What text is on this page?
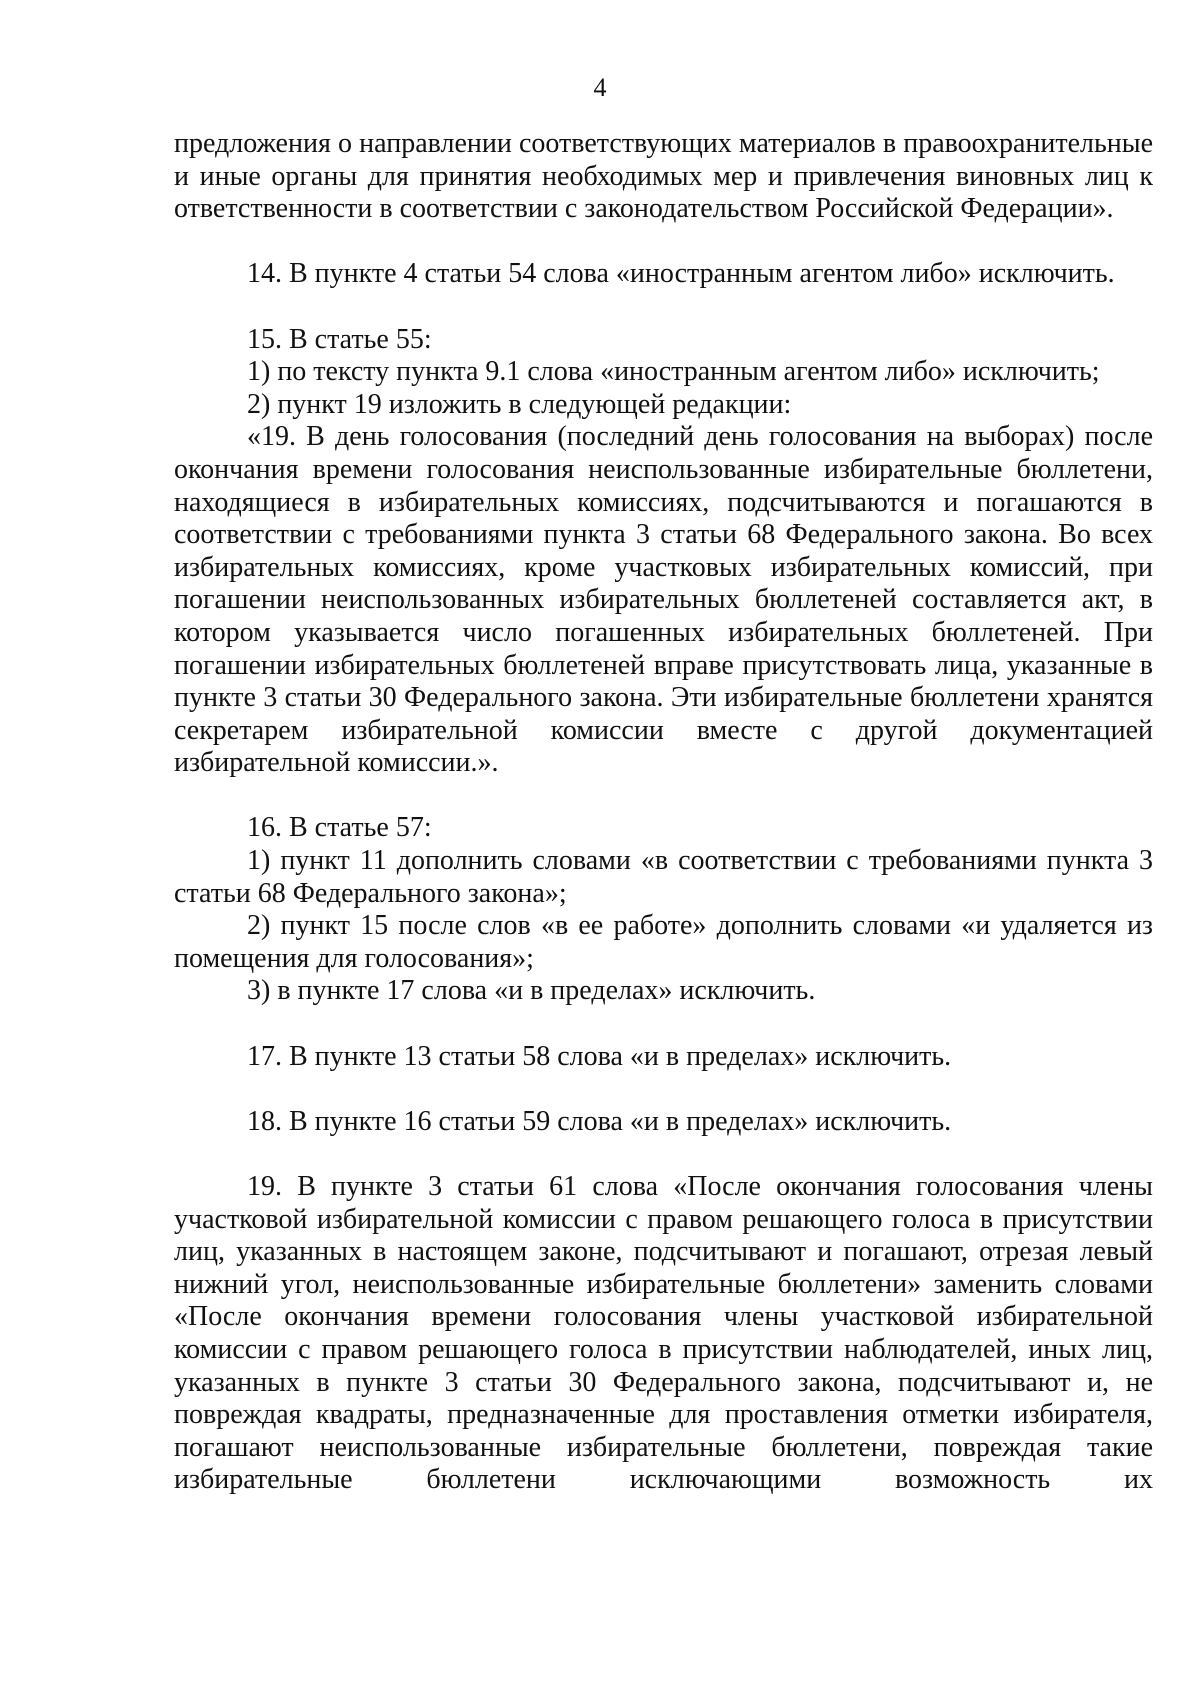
4

предложения о направлении соответствующих материалов в правоохранительные и иные органы для принятия необходимых мер и привлечения виновных лиц к ответственности в соответствии с законодательством Российской Федерации».

14. В пункте 4 статьи 54 слова «иностранным агентом либо» исключить.

15. В статье 55:

1) по тексту пункта 9.1 слова «иностранным агентом либо» исключить;

2) пункт 19 изложить в следующей редакции:

«19. В день голосования (последний день голосования на выборах) после окончания времени голосования неиспользованные избирательные бюллетени, находящиеся в избирательных комиссиях, подсчитываются и погашаются в соответствии с требованиями пункта 3 статьи 68 Федерального закона. Во всех избирательных комиссиях, кроме участковых избирательных комиссий, при погашении неиспользованных избирательных бюллетеней составляется акт, в котором указывается число погашенных избирательных бюллетеней. При погашении избирательных бюллетеней вправе присутствовать лица, указанные в пункте 3 статьи 30 Федерального закона. Эти избирательные бюллетени хранятся секретарем избирательной комиссии вместе с другой документацией избирательной комиссии.».

16. В статье 57:

1) пункт 11 дополнить словами «в соответствии с требованиями пункта 3 статьи 68 Федерального закона»;

2) пункт 15 после слов «в ее работе» дополнить словами «и удаляется из помещения для голосования»;

3) в пункте 17 слова «и в пределах» исключить.

17. В пункте 13 статьи 58 слова «и в пределах» исключить.

18. В пункте 16 статьи 59 слова «и в пределах» исключить.

19. В пункте 3 статьи 61 слова «После окончания голосования члены участковой избирательной комиссии с правом решающего голоса в присутствии лиц, указанных в настоящем законе, подсчитывают и погашают, отрезая левый нижний угол, неиспользованные избирательные бюллетени» заменить словами «После окончания времени голосования члены участковой избирательной комиссии с правом решающего голоса в присутствии наблюдателей, иных лиц, указанных в пункте 3 статьи 30 Федерального закона, подсчитывают и, не повреждая квадраты, предназначенные для проставления отметки избирателя, погашают неиспользованные избирательные бюллетени, повреждая такие избирательные бюллетени исключающими возможность их
